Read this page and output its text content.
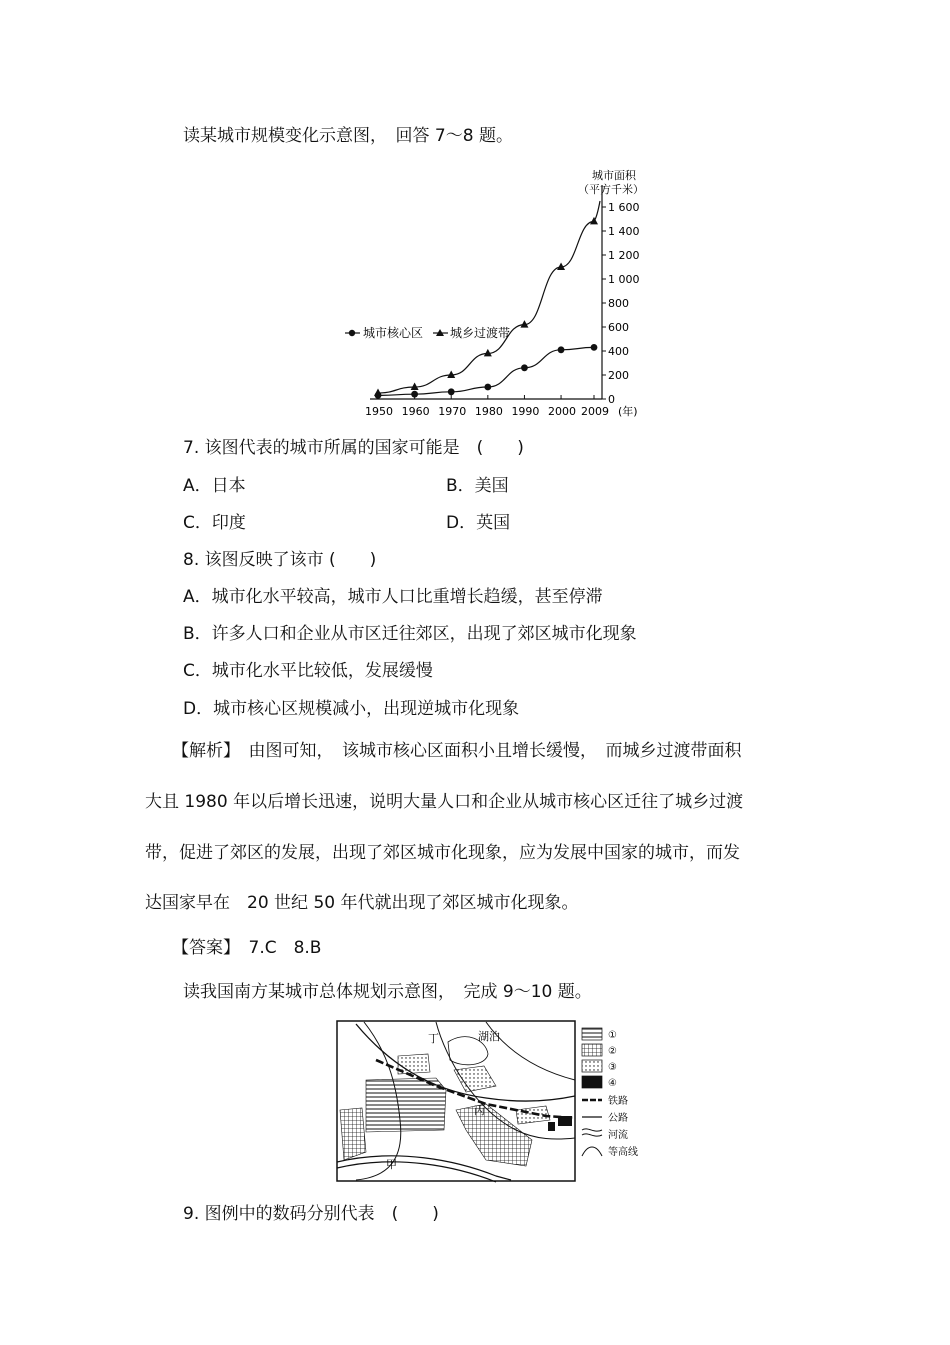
读某城市规模变化示意图，　回答 7～8 题。
城市面积
（平方千米）
0
200
400
600
800
1 000
1 200
1 400
1 600
1950 1960 1970 1980 1990 2000 2009
城市核心区 城乡过渡带
(年)
7. 该图代表的城市所属的国家可能是　(　　)
A．日本	B．美国
C．印度	D．英国
8. 该图反映了该市 (　　)
A．城市化水平较高，城市人口比重增长趋缓，甚至停滞
B．许多人口和企业从市区迁往郊区，出现了郊区城市化现象
C．城市化水平比较低，发展缓慢
D．城市核心区规模减小，出现逆城市化现象
【解析】　由图可知，　该城市核心区面积小且增长缓慢，　而城乡过渡带面积
大且 1980 年以后增长迅速，说明大量人口和企业从城市核心区迁往了城乡过渡
带，促进了郊区的发展，出现了郊区城市化现象，应为发展中国家的城市，而发
达国家早在　20 世纪 50 年代就出现了郊区城市化现象。
【答案】　7.C　8.B
读我国南方某城市总体规划示意图，　完成 9～10 题。
丁	湖泊
丙
甲
①
②
③
④
铁路
公路
河流
等高线
9. 图例中的数码分别代表　(　　)
